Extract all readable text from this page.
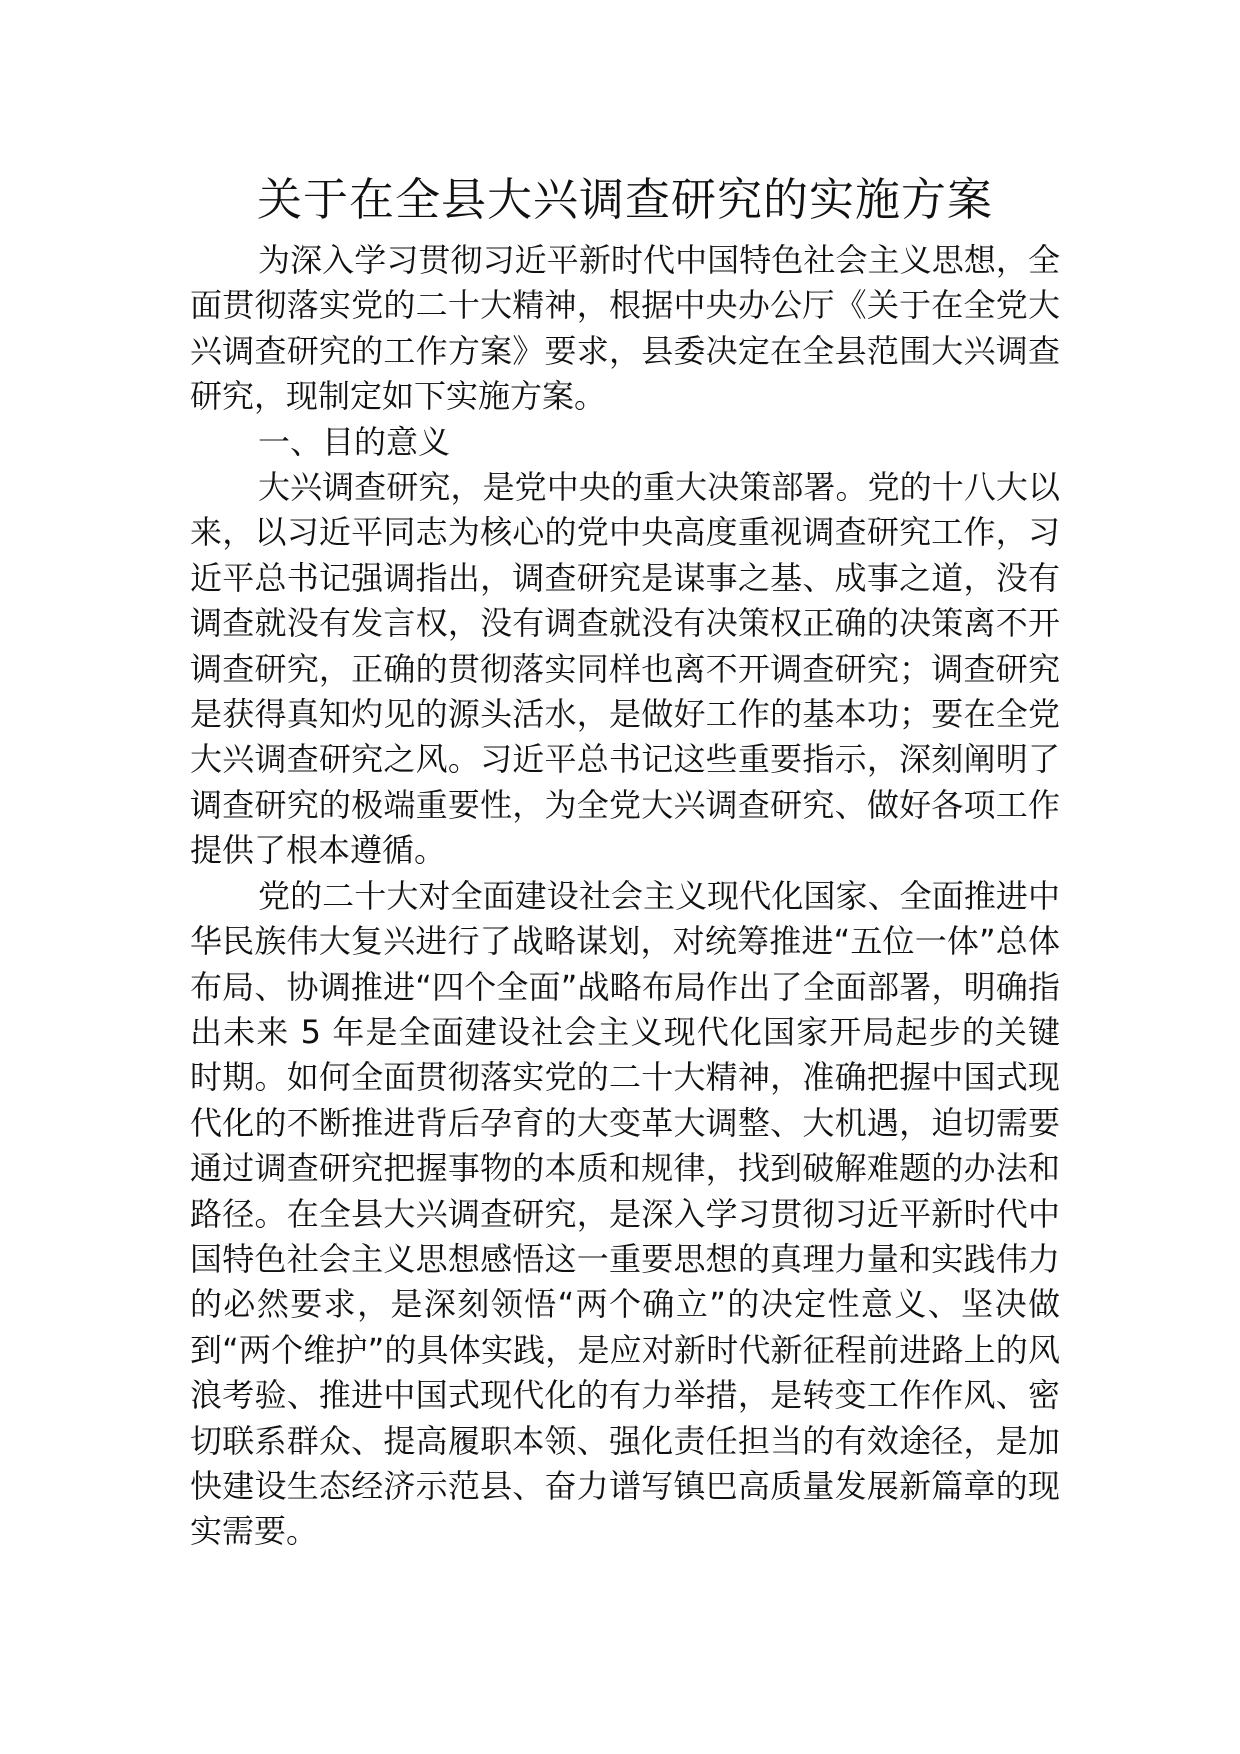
关于在全县大兴调查研究的实施方案

为深入学习贯彻习近平新时代中国特色社会主义思想，全面贯彻落实党的二十大精神，根据中央办公厅《关于在全党大兴调查研究的工作方案》要求，县委决定在全县范围大兴调查研究，现制定如下实施方案。

一、目的意义

大兴调查研究，是党中央的重大决策部署。党的十八大以来，以习近平同志为核心的党中央高度重视调查研究工作，习近平总书记强调指出，调查研究是谋事之基、成事之道，没有调查就没有发言权，没有调查就没有决策权正确的决策离不开调查研究，正确的贯彻落实同样也离不开调查研究；调查研究是获得真知灼见的源头活水，是做好工作的基本功；要在全党大兴调查研究之风。习近平总书记这些重要指示，深刻阐明了调查研究的极端重要性，为全党大兴调查研究、做好各项工作提供了根本遵循。

党的二十大对全面建设社会主义现代化国家、全面推进中华民族伟大复兴进行了战略谋划，对统筹推进“五位一体”总体布局、协调推进“四个全面”战略布局作出了全面部署，明确指出未来 5 年是全面建设社会主义现代化国家开局起步的关键时期。如何全面贯彻落实党的二十大精神，准确把握中国式现代化的不断推进背后孕育的大变革大调整、大机遇，迫切需要通过调查研究把握事物的本质和规律，找到破解难题的办法和路径。在全县大兴调查研究，是深入学习贯彻习近平新时代中国特色社会主义思想感悟这一重要思想的真理力量和实践伟力的必然要求，是深刻领悟“两个确立”的决定性意义、坚决做到“两个维护”的具体实践，是应对新时代新征程前进路上的风浪考验、推进中国式现代化的有力举措，是转变工作作风、密切联系群众、提高履职本领、强化责任担当的有效途径，是加快建设生态经济示范县、奋力谱写镇巴高质量发展新篇章的现实需要。
